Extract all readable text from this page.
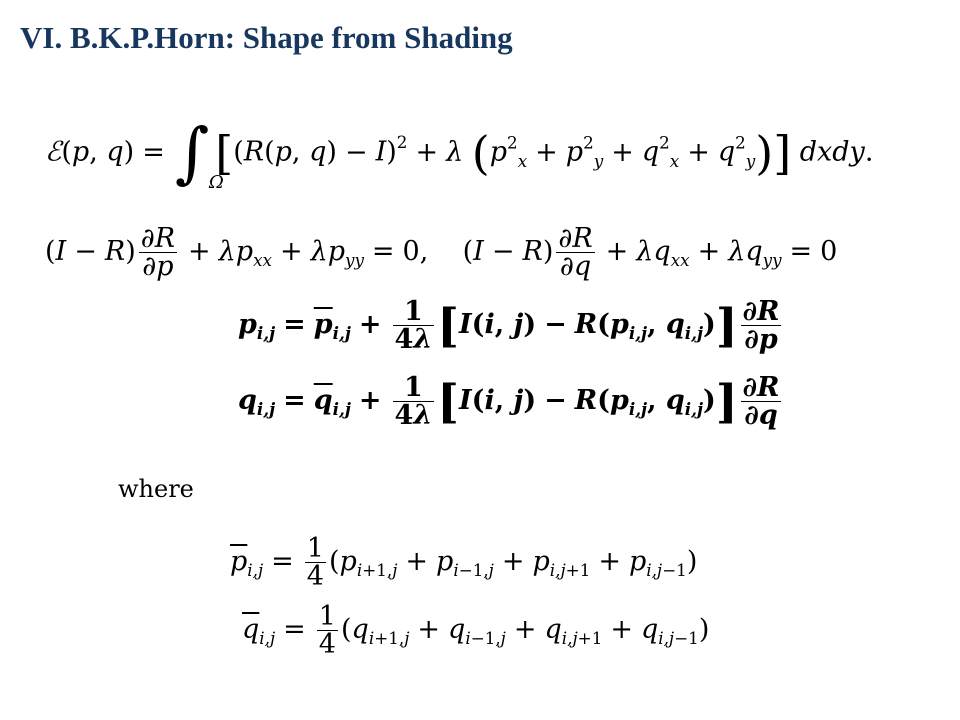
VI. B.K.P.Horn: Shape from Shading
ℰ(p, q) = ∫ Ω
[(R(p, q) − I)$^2$ + λ $(p^2_x + p^2_y + q^2_x + q^2_y)$] dxdy.
$(I - R) \frac{\partial R}{\partial p} + \lambda p_{xx} + \lambda p_{yy} = 0$,    $(I - R) \frac{\partial R}{\partial q} + \lambda q_{xx} + \lambda q_{yy} = 0$
$p_{i,j} = \overline{p}_{i,j} + \frac{1}{4\lambda} [I(i$, $j) - R(p_{i,j}$, $q_{i,j})] \frac{\partial R}{\partial p}$
$q_{i,j} = \overline{q}_{i,j} + \frac{1}{4\lambda} [I(i$, $j) - R(p_{i,j}$, $q_{i,j})] \frac{\partial R}{\partial q}$
where
$\overline{p}_{i,j} = \frac{1}{4} (p_{i+1,j} + p_{i-1,j} + p_{i,j+1} + p_{i,j-1})$
$\overline{q}_{i,j} = \frac{1}{4} (q_{i+1,j} + q_{i-1,j} + q_{i,j+1} + q_{i,j-1})$
